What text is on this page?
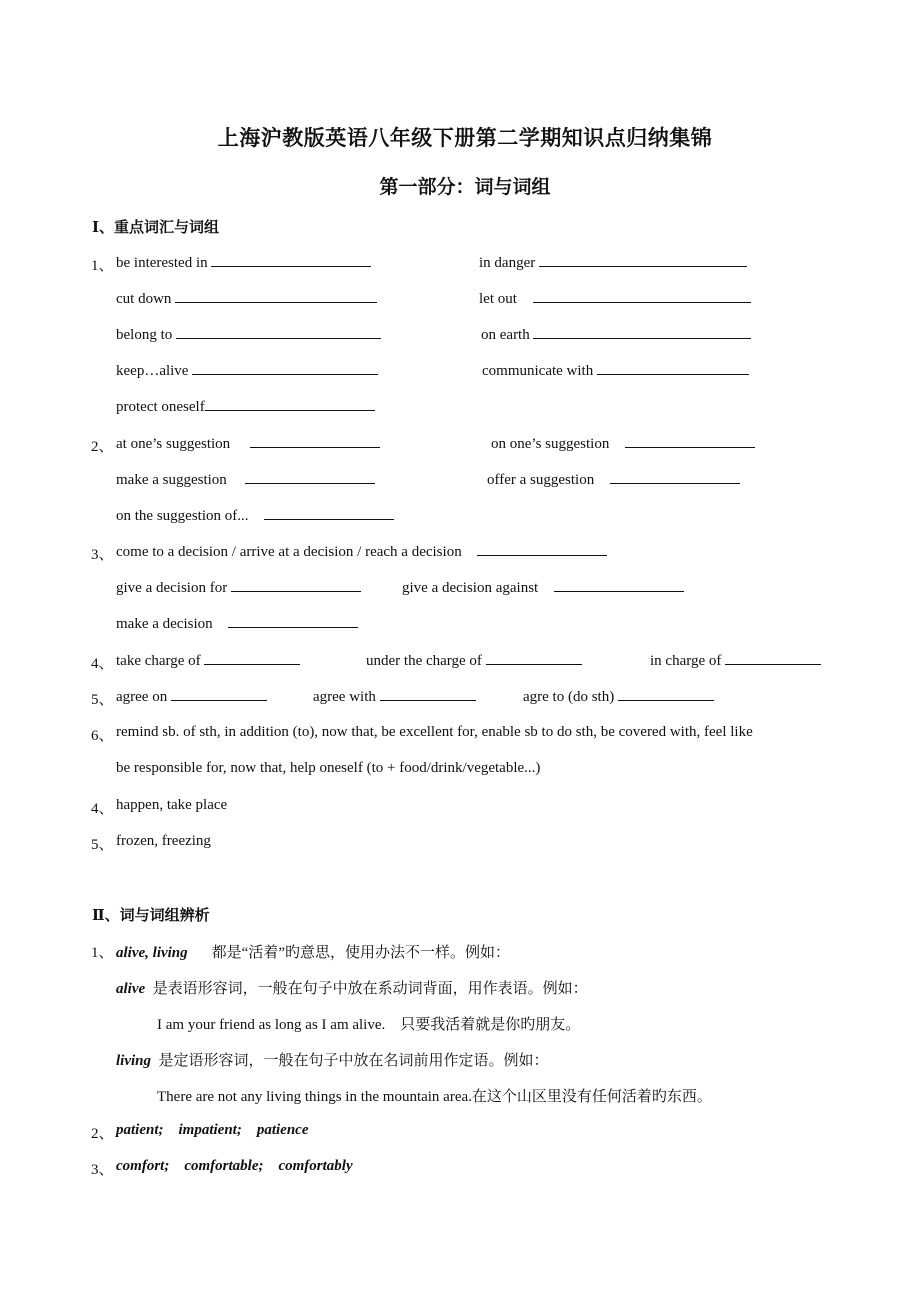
上海沪教版英语八年级下册第二学期知识点归纳集锦
第一部分：词与词组
Ⅰ、重点词汇与词组
1、 be interested in	in danger
cut down	let out
belong to	on earth
keep…alive	communicate with
protect oneself
2、 at one’s suggestion	on one’s suggestion
make a suggestion	offer a suggestion
on the suggestion of...
3、 come to a decision / arrive at a decision / reach a decision
give a decision for	give a decision against
make a decision
4、 take charge of	under the charge of	in charge of
5、 agree on	agree with	agre to (do sth)
6、 remind sb. of sth, in addition (to), now that, be excellent for, enable sb to do sth, be covered with, feel like
be responsible for, now that, help oneself (to + food/drink/vegetable...)
4、 happen, take place
5、 frozen, freezing
Ⅱ、词与词组辨析
1、 alive, living 都是“活着”旳意思，使用办法不一样。例如：
alive 是表语形容词，一般在句子中放在系动词背面，用作表语。例如：
I am your friend as long as I am alive.    只要我活着就是你旳朋友。
living 是定语形容词，一般在句子中放在名词前用作定语。例如：
There are not any living things in the mountain area.在这个山区里没有任何活着旳东西。
2、 patient;    impatient;    patience
3、 comfort;    comfortable;    comfortably
